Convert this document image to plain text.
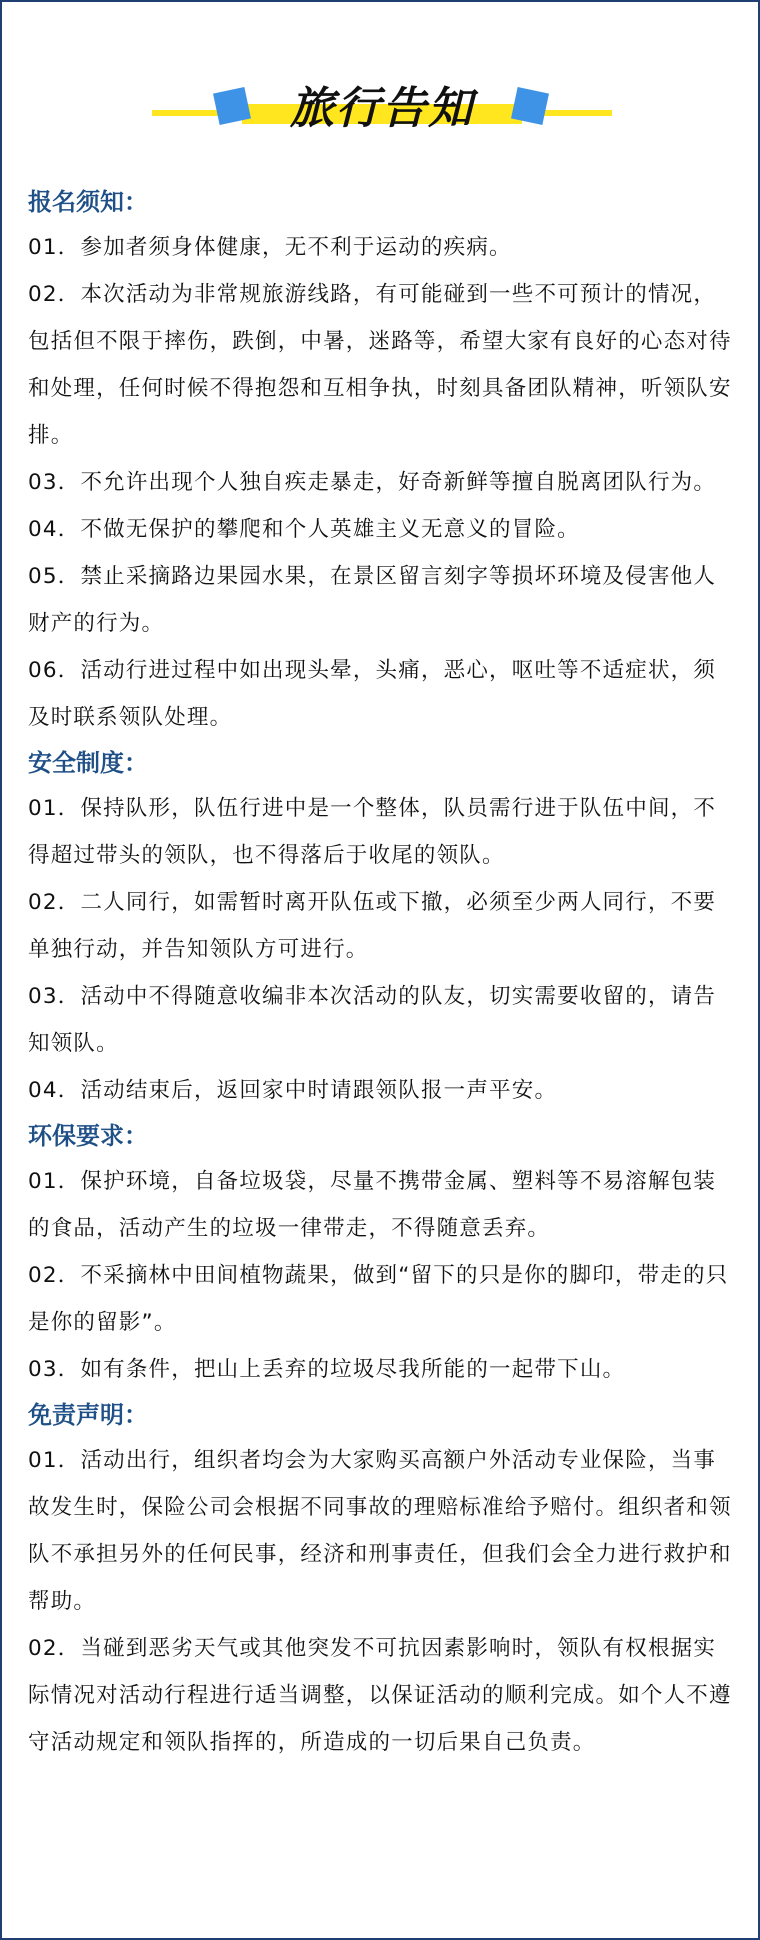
旅行告知
报名须知：
01．参加者须身体健康，无不利于运动的疾病。
02．本次活动为非常规旅游线路，有可能碰到一些不可预计的情况，包括但不限于摔伤，跌倒，中暑，迷路等，希望大家有良好的心态对待和处理，任何时候不得抱怨和互相争执，时刻具备团队精神，听领队安排。
03．不允许出现个人独自疾走暴走，好奇新鲜等擅自脱离团队行为。
04．不做无保护的攀爬和个人英雄主义无意义的冒险。
05．禁止采摘路边果园水果，在景区留言刻字等损坏环境及侵害他人财产的行为。
06．活动行进过程中如出现头晕，头痛，恶心，呕吐等不适症状，须及时联系领队处理。
安全制度：
01．保持队形，队伍行进中是一个整体，队员需行进于队伍中间，不得超过带头的领队，也不得落后于收尾的领队。
02．二人同行，如需暂时离开队伍或下撤，必须至少两人同行，不要单独行动，并告知领队方可进行。
03．活动中不得随意收编非本次活动的队友，切实需要收留的，请告知领队。
04．活动结束后，返回家中时请跟领队报一声平安。
环保要求：
01．保护环境，自备垃圾袋，尽量不携带金属、塑料等不易溶解包装的食品，活动产生的垃圾一律带走，不得随意丢弃。
02．不采摘林中田间植物蔬果，做到“留下的只是你的脚印，带走的只是你的留影”。
03．如有条件，把山上丢弃的垃圾尽我所能的一起带下山。
免责声明：
01．活动出行，组织者均会为大家购买高额户外活动专业保险，当事故发生时，保险公司会根据不同事故的理赔标准给予赔付。组织者和领队不承担另外的任何民事，经济和刑事责任，但我们会全力进行救护和帮助。
02．当碰到恶劣天气或其他突发不可抗因素影响时，领队有权根据实际情况对活动行程进行适当调整，以保证活动的顺利完成。如个人不遵守活动规定和领队指挥的，所造成的一切后果自己负责。
